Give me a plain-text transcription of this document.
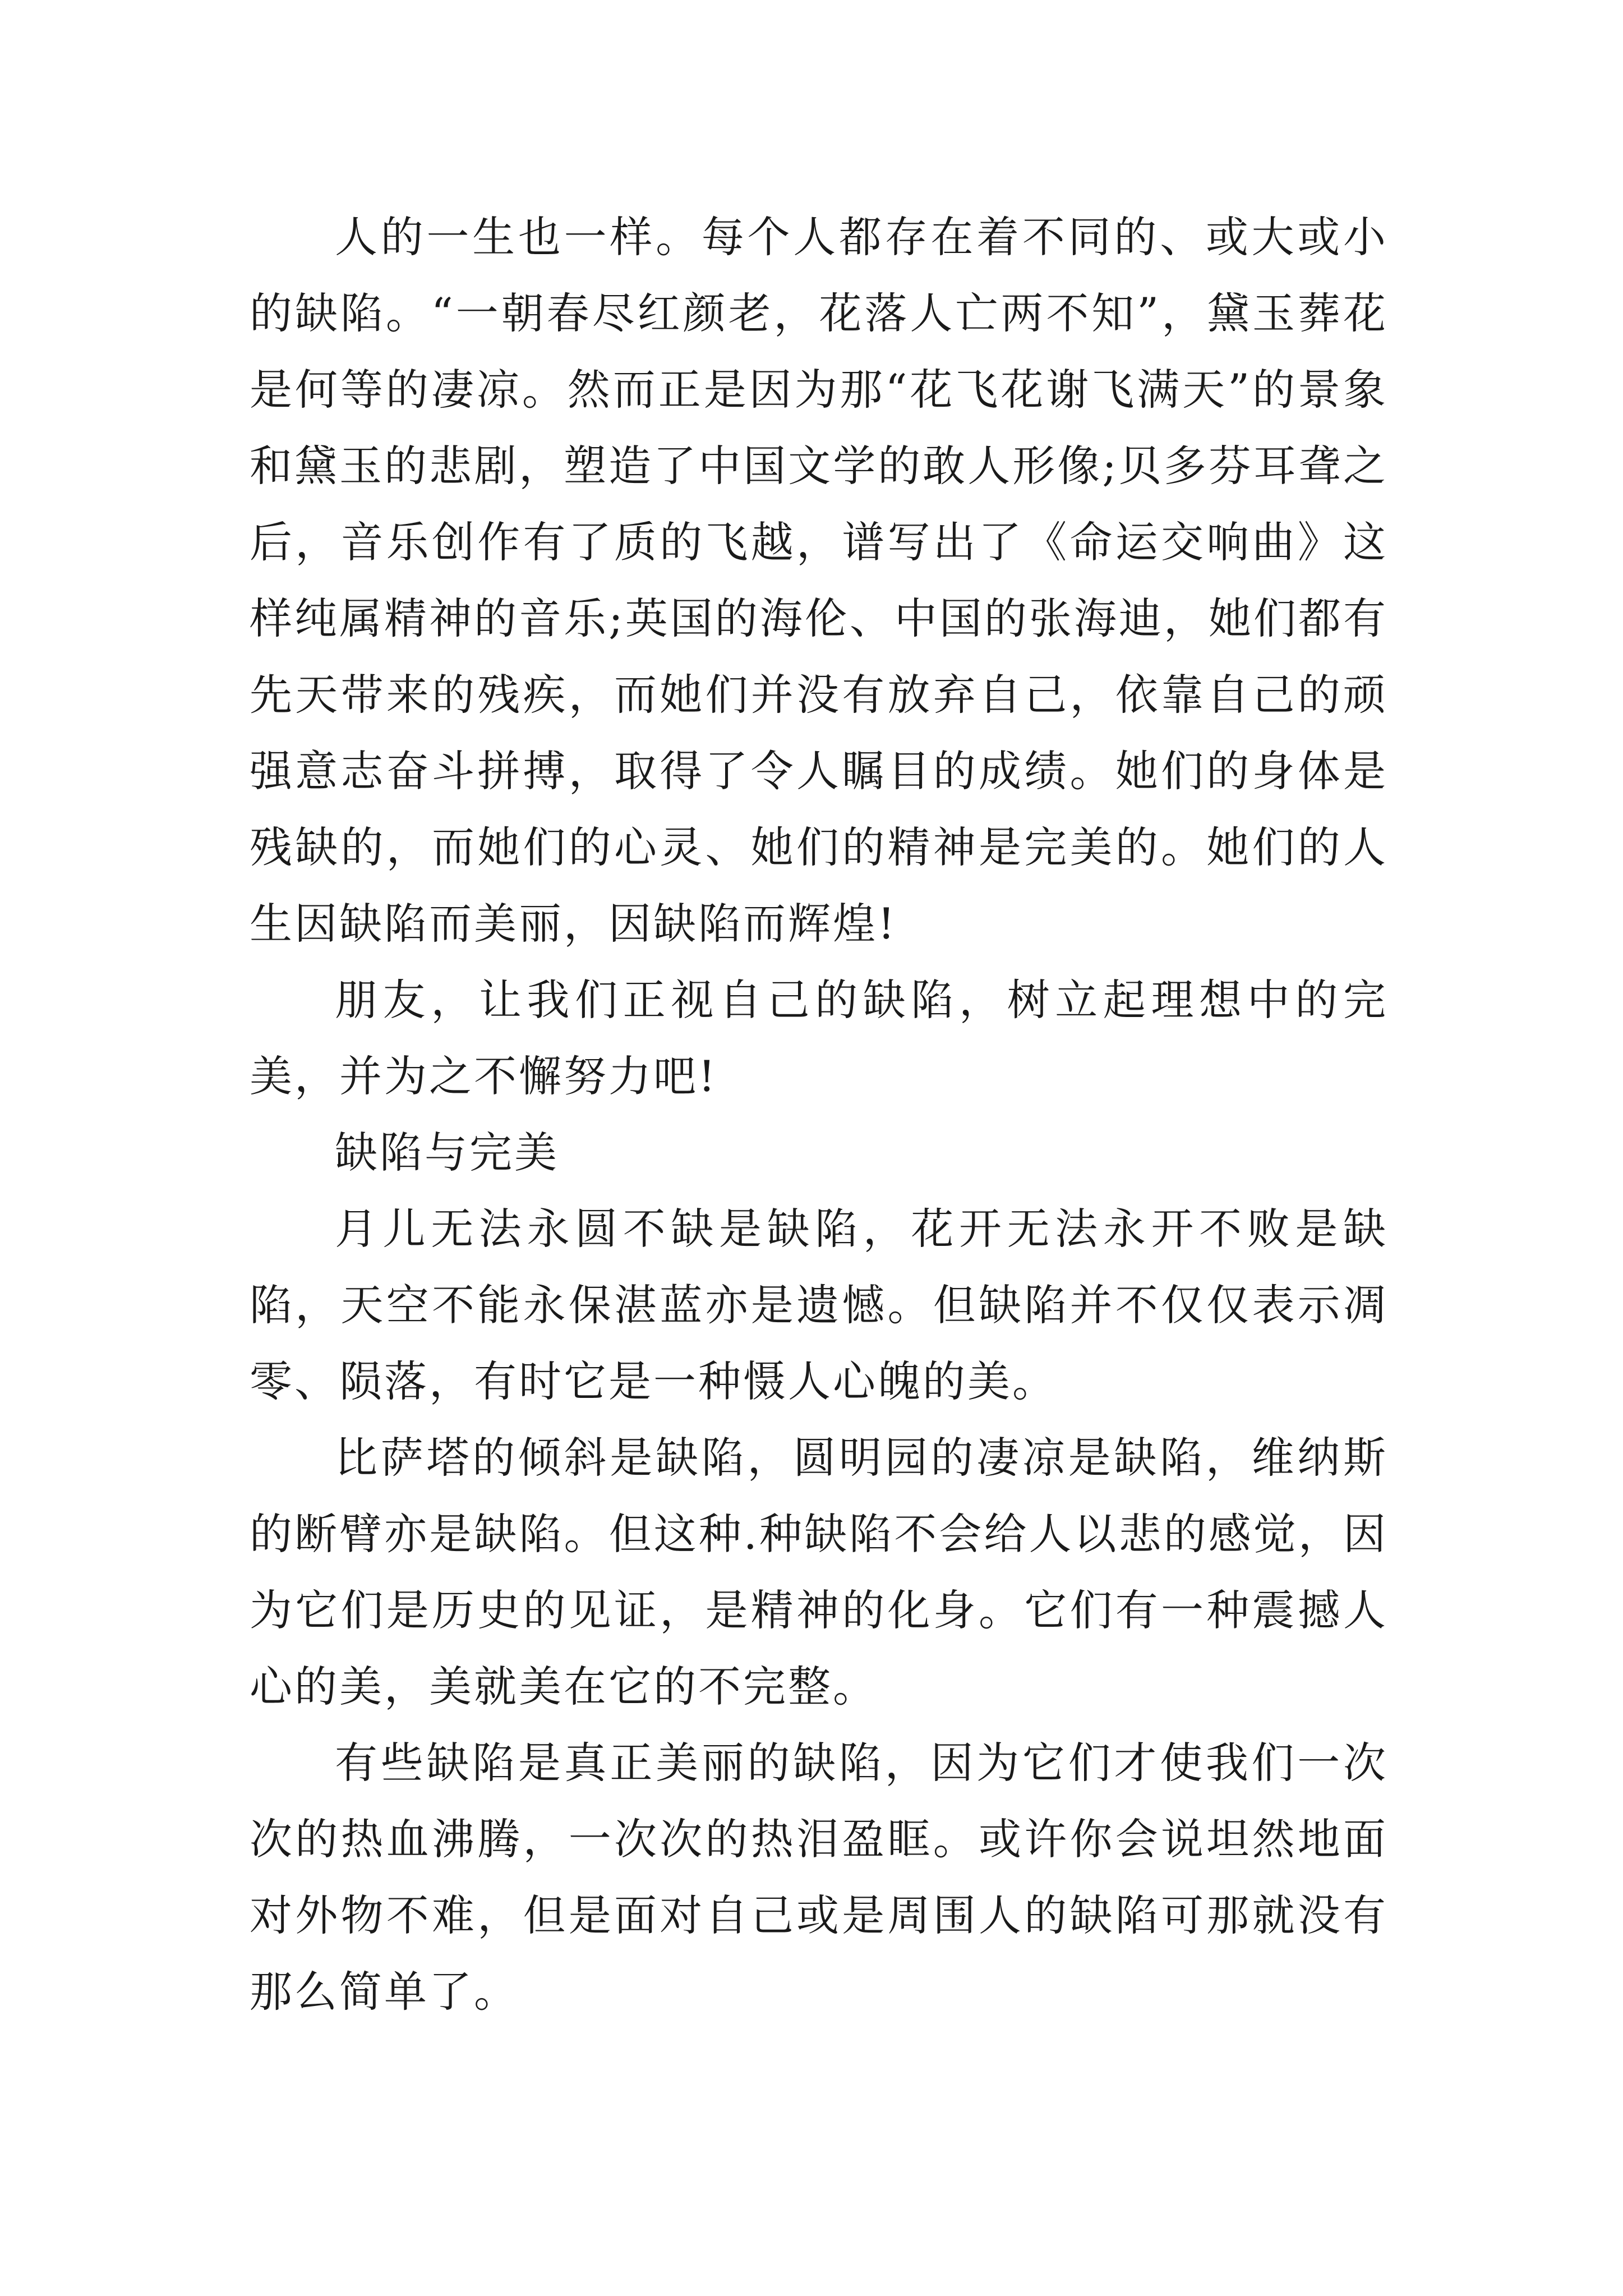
人的一生也一样。每个人都存在着不同的、或大或小的缺陷。“一朝春尽红颜老，花落人亡两不知”，黛玉葬花是何等的凄凉。然而正是因为那“花飞花谢飞满天”的景象和黛玉的悲剧，塑造了中国文学的敢人形像;贝多芬耳聋之后，音乐创作有了质的飞越，谱写出了《命运交响曲》这样纯属精神的音乐;英国的海伦、中国的张海迪，她们都有先天带来的残疾，而她们并没有放弃自己，依靠自己的顽强意志奋斗拼搏，取得了令人瞩目的成绩。她们的身体是残缺的，而她们的心灵、她们的精神是完美的。她们的人生因缺陷而美丽，因缺陷而辉煌!

朋友，让我们正视自己的缺陷，树立起理想中的完美，并为之不懈努力吧!

缺陷与完美

月儿无法永圆不缺是缺陷，花开无法永开不败是缺陷，天空不能永保湛蓝亦是遗憾。但缺陷并不仅仅表示凋零、陨落，有时它是一种慑人心魄的美。

比萨塔的倾斜是缺陷，圆明园的凄凉是缺陷，维纳斯的断臂亦是缺陷。但这种.种缺陷不会给人以悲的感觉，因为它们是历史的见证，是精神的化身。它们有一种震撼人心的美，美就美在它的不完整。

有些缺陷是真正美丽的缺陷，因为它们才使我们一次次的热血沸腾，一次次的热泪盈眶。或许你会说坦然地面对外物不难，但是面对自己或是周围人的缺陷可那就没有那么简单了。
